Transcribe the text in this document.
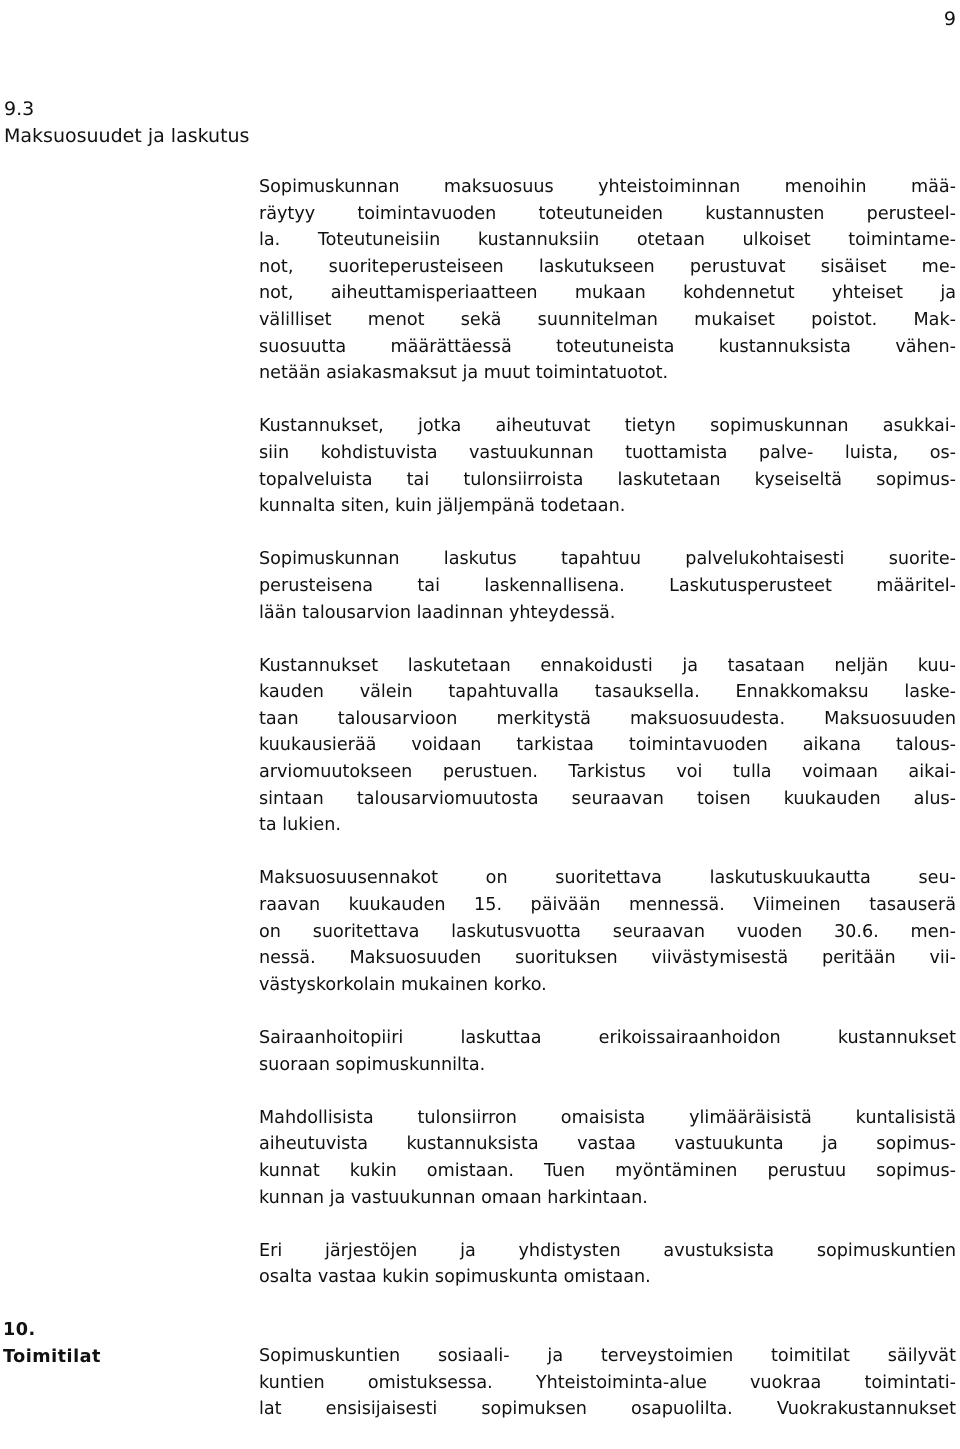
9
9.3
Maksuosuudet ja laskutus
Sopimuskunnan maksuosuus yhteistoiminnan menoihin mää-
räytyy toimintavuoden toteutuneiden kustannusten perusteel-
la. Toteutuneisiin kustannuksiin otetaan ulkoiset toimintame-
not, suoriteperusteiseen laskutukseen perustuvat sisäiset me-
not, aiheuttamisperiaatteen mukaan kohdennetut yhteiset ja
välilliset menot sekä suunnitelman mukaiset poistot. Mak-
suosuutta määrättäessä toteutuneista kustannuksista vähen-
netään asiakasmaksut ja muut toimintatuotot.
Kustannukset, jotka aiheutuvat tietyn sopimuskunnan asukkai-
siin kohdistuvista vastuukunnan tuottamista palve- luista, os-
topalveluista tai tulonsiirroista laskutetaan kyseiseltä sopimus-
kunnalta siten, kuin jäljempänä todetaan.
Sopimuskunnan laskutus tapahtuu palvelukohtaisesti suorite-
perusteisena tai laskennallisena. Laskutusperusteet määritel-
lään talousarvion laadinnan yhteydessä.
Kustannukset laskutetaan ennakoidusti ja tasataan neljän kuu-
kauden välein tapahtuvalla tasauksella. Ennakkomaksu laske-
taan talousarvioon merkitystä maksuosuudesta. Maksuosuuden
kuukausierää voidaan tarkistaa toimintavuoden aikana talous-
arviomuutokseen perustuen. Tarkistus voi tulla voimaan aikai-
sintaan talousarviomuutosta seuraavan toisen kuukauden alus-
ta lukien.
Maksuosuusennakot on suoritettava laskutuskuukautta seu-
raavan kuukauden 15. päivään mennessä. Viimeinen tasauserä
on suoritettava laskutusvuotta seuraavan vuoden 30.6. men-
nessä. Maksuosuuden suorituksen viivästymisestä peritään vii-
västyskorkolain mukainen korko.
Sairaanhoitopiiri laskuttaa erikoissairaanhoidon kustannukset
suoraan sopimuskunnilta.
Mahdollisista tulonsiirron omaisista ylimääräisistä kuntalisistä
aiheutuvista kustannuksista vastaa vastuukunta ja sopimus-
kunnat kukin omistaan. Tuen myöntäminen perustuu sopimus-
kunnan ja vastuukunnan omaan harkintaan.
Eri järjestöjen ja yhdistysten avustuksista sopimuskuntien
osalta vastaa kukin sopimuskunta omistaan.
10.
Toimitilat	Sopimuskuntien sosiaali- ja terveystoimien toimitilat säilyvät
kuntien omistuksessa. Yhteistoiminta-alue vuokraa toimintati-
lat ensisijaisesti sopimuksen osapuolilta. Vuokrakustannukset
